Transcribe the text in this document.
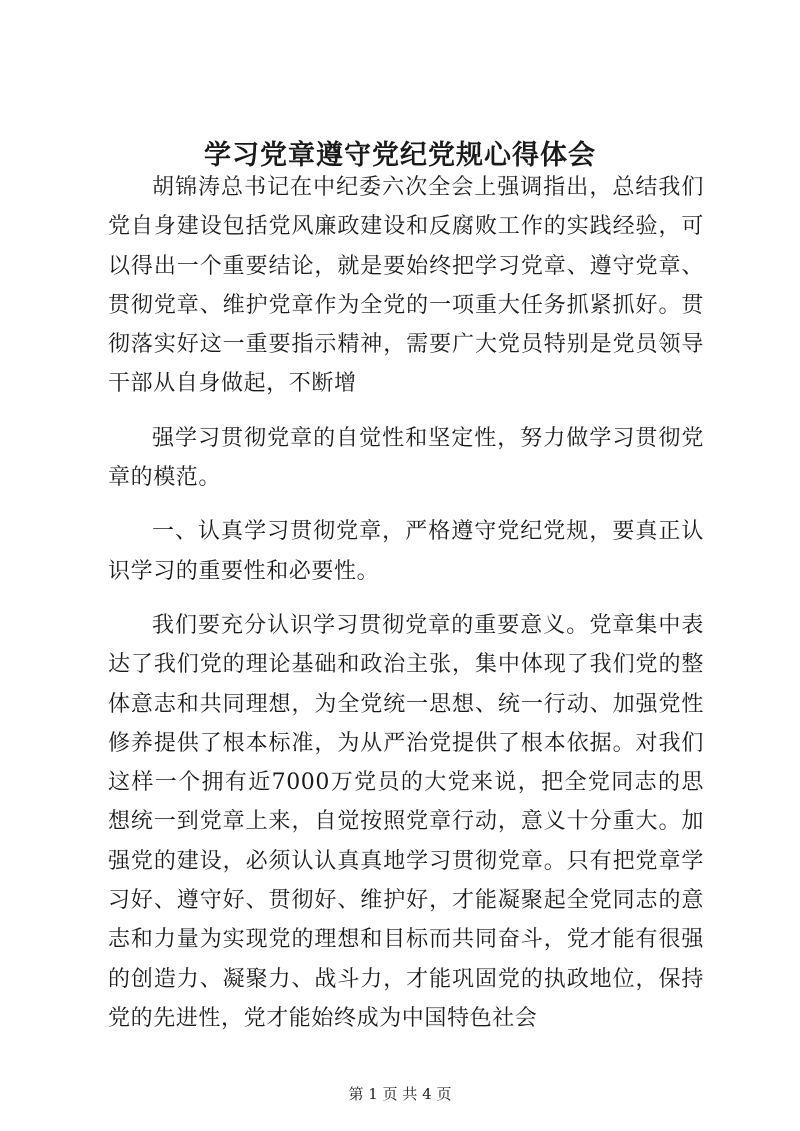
学习党章遵守党纪党规心得体会

胡锦涛总书记在中纪委六次全会上强调指出，总结我们党自身建设包括党风廉政建设和反腐败工作的实践经验，可以得出一个重要结论，就是要始终把学习党章、遵守党章、贯彻党章、维护党章作为全党的一项重大任务抓紧抓好。贯彻落实好这一重要指示精神，需要广大党员特别是党员领导干部从自身做起，不断增

强学习贯彻党章的自觉性和坚定性，努力做学习贯彻党章的模范。

一、认真学习贯彻党章，严格遵守党纪党规，要真正认识学习的重要性和必要性。

我们要充分认识学习贯彻党章的重要意义。党章集中表达了我们党的理论基础和政治主张，集中体现了我们党的整体意志和共同理想，为全党统一思想、统一行动、加强党性修养提供了根本标准，为从严治党提供了根本依据。对我们这样一个拥有近7000万党员的大党来说，把全党同志的思想统一到党章上来，自觉按照党章行动，意义十分重大。加强党的建设，必须认认真真地学习贯彻党章。只有把党章学习好、遵守好、贯彻好、维护好，才能凝聚起全党同志的意志和力量为实现党的理想和目标而共同奋斗，党才能有很强的创造力、凝聚力、战斗力，才能巩固党的执政地位，保持党的先进性，党才能始终成为中国特色社会

第 1 页 共 4 页
